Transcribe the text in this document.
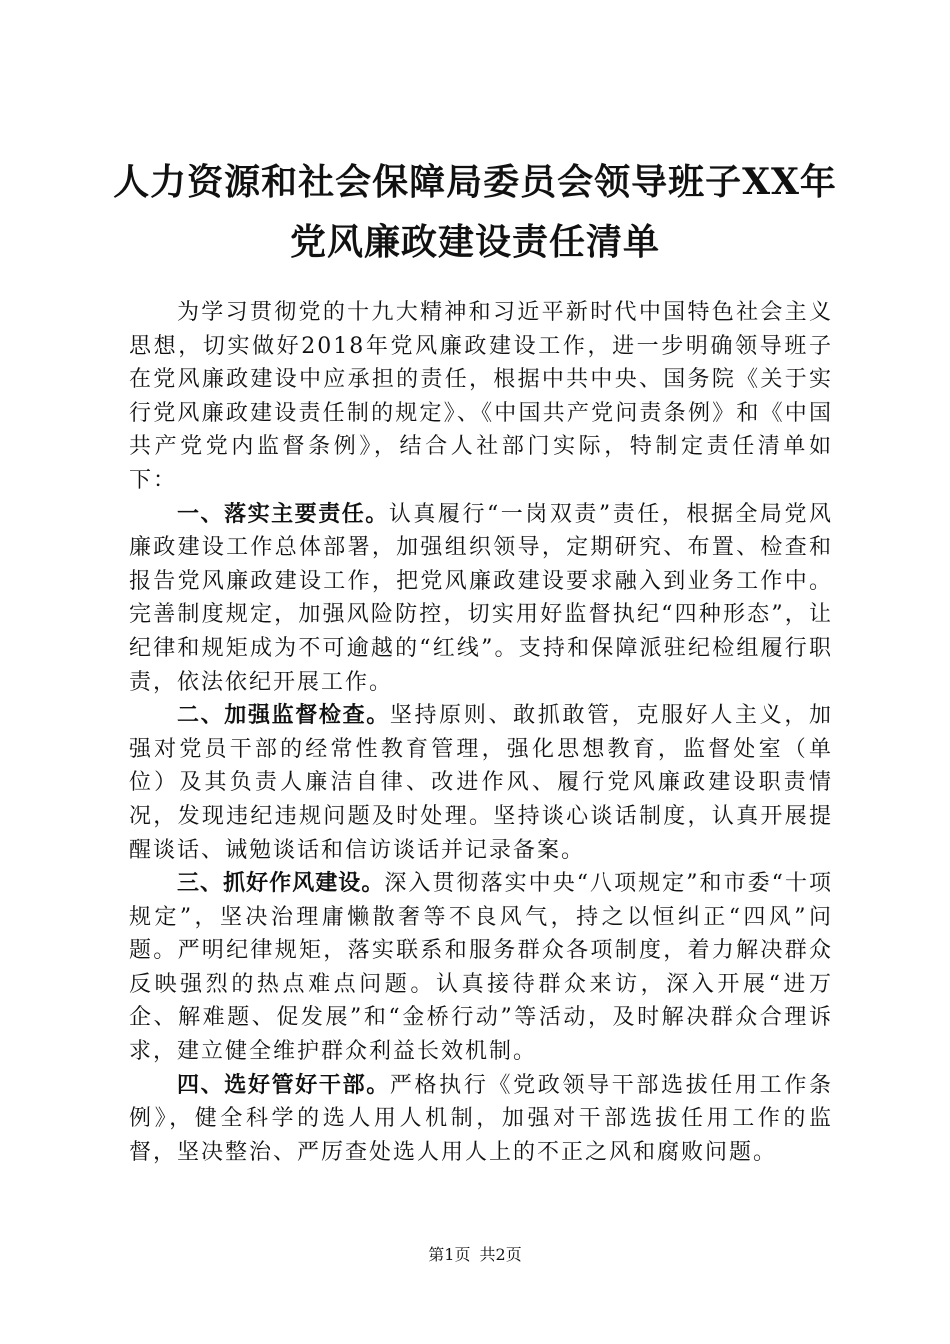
人力资源和社会保障局委员会领导班子XX年
党风廉政建设责任清单

为学习贯彻党的十九大精神和习近平新时代中国特色社会主义思想，切实做好2018年党风廉政建设工作，进一步明确领导班子在党风廉政建设中应承担的责任，根据中共中央、国务院《关于实行党风廉政建设责任制的规定》、《中国共产党问责条例》和《中国共产党党内监督条例》，结合人社部门实际，特制定责任清单如下：

一、落实主要责任。认真履行“一岗双责”责任，根据全局党风廉政建设工作总体部署，加强组织领导，定期研究、布置、检查和报告党风廉政建设工作，把党风廉政建设要求融入到业务工作中。完善制度规定，加强风险防控，切实用好监督执纪“四种形态”，让纪律和规矩成为不可逾越的“红线”。支持和保障派驻纪检组履行职责，依法依纪开展工作。

二、加强监督检查。坚持原则、敢抓敢管，克服好人主义，加强对党员干部的经常性教育管理，强化思想教育，监督处室（单位）及其负责人廉洁自律、改进作风、履行党风廉政建设职责情况，发现违纪违规问题及时处理。坚持谈心谈话制度，认真开展提醒谈话、诫勉谈话和信访谈话并记录备案。

三、抓好作风建设。深入贯彻落实中央“八项规定”和市委“十项规定”，坚决治理庸懒散奢等不良风气，持之以恒纠正“四风”问题。严明纪律规矩，落实联系和服务群众各项制度，着力解决群众反映强烈的热点难点问题。认真接待群众来访，深入开展“进万企、解难题、促发展”和“金桥行动”等活动，及时解决群众合理诉求，建立健全维护群众利益长效机制。

四、选好管好干部。严格执行《党政领导干部选拔任用工作条例》，健全科学的选人用人机制，加强对干部选拔任用工作的监督，坚决整治、严厉查处选人用人上的不正之风和腐败问题。

第1页 共2页
